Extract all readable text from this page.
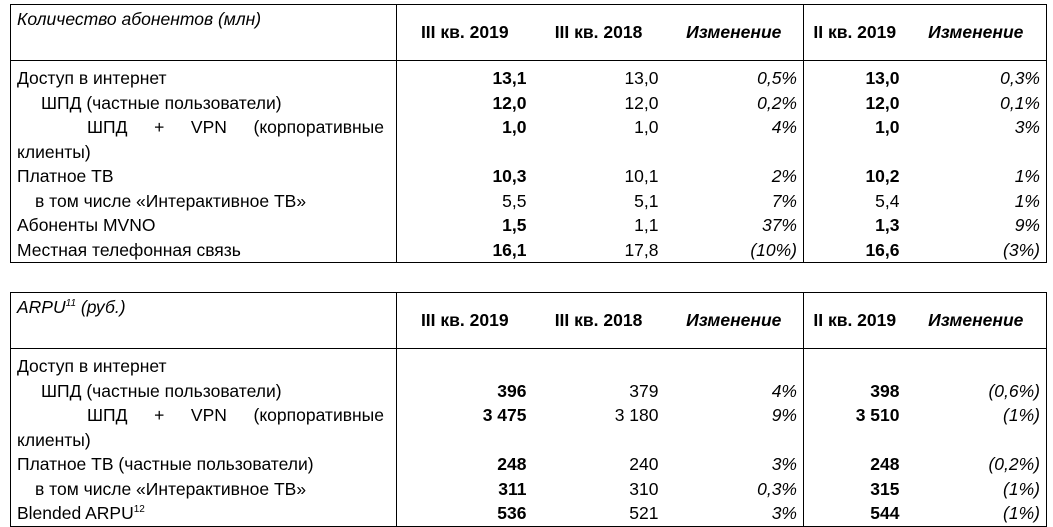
Количество абонентов (млн)	III кв. 2019	III кв. 2018	Изменение	II кв. 2019	Изменение
Доступ в интернет	13,1	13,0	0,5%	13,0	0,3%
ШПД (частные пользователи)	12,0	12,0	0,2%	12,0	0,1%

ШПД + VPN (корпоративные
клиенты)	1,0	1,0	4%	1,0	3%
Платное ТВ	10,3	10,1	2%	10,2	1%
в том числе «Интерактивное ТВ»	5,5	5,1	7%	5,4	1%
Абоненты MVNO	1,5	1,1	37%	1,3	9%
Местная телефонная связь	16,1	17,8	(10%)	16,6	(3%)
ARPU$^{11}$ (руб.)	III кв. 2019	III кв. 2018	Изменение	II кв. 2019	Изменение
Доступ в интернет					
ШПД (частные пользователи)	396	379	4%	398	(0,6%)

ШПД + VPN (корпоративные
клиенты)	3 475	3 180	9%	3 510	(1%)
Платное ТВ (частные пользователи)	248	240	3%	248	(0,2%)
в том числе «Интерактивное ТВ»	311	310	0,3%	315	(1%)
Blended ARPU$^{12}$	536	521	3%	544	(1%)
